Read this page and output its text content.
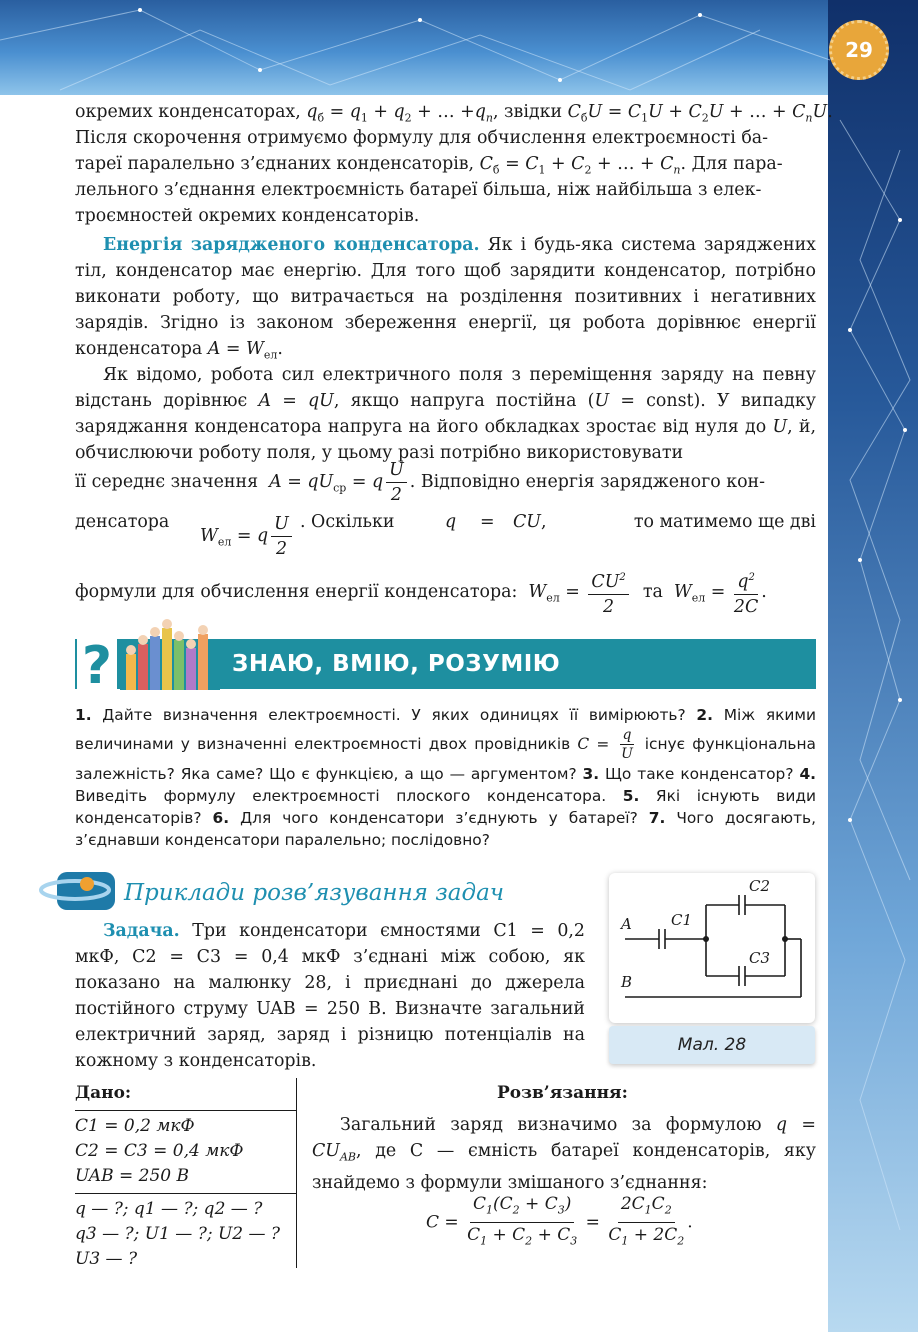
29
окремих конденсаторах, $q_б = q_1 + q_2$ + … $+q_n$, звідки $C_бU = C_1U + C_2U$ + … + $C_nU$
Після скорочення отримуємо формулу для обчислення електроємності ба-
тареї паралельно з’єднаних конденсаторів, $C_б = C_1 + C_2$ + … + $C_n$. Для пара-
лельного з’єднання електроємність батареї більша, ніж найбільша з елек-
троємностей окремих конденсаторів.

Енергія зарядженого конденсатора. Як і будь-яка система заряджених тіл, конденсатор має енергію. Для того щоб зарядити конденсатор, потрібно виконати роботу, що витрачається на розділення позитивних і негативних зарядів. Згідно із законом збереження енергії, ця робота дорівнює енергії конденсатора $A = W_{ел}$.

Як відомо, робота сил електричного поля з переміщення заряду на певну відстань дорівнює A = qU, якщо напруга постійна (U = const). У випадку заряджання конденсатора напруга на його обкладках зростає від нуля до U, й, обчислюючи роботу поля, у цьому разі потрібно використовувати

її середнє значення  $A = qU_{ср} = q \frac{U}{2}$ . Відповідно енергія зарядженого кон-
денсатора
$W_{ел} = q \frac{U}{2}$ . Оскільки	q = CU,	то матимемо ще дві
формули для обчислення енергії конденсатора: $W_{ел} = \frac{CU^2}{2}$ та $W_{ел} = \frac{q^2}{2C}$ .
?	ЗНАЮ, ВМІЮ, РОЗУМІЮ

1. Дайте визначення електроємності. У яких одиницях її вимірюють? 2. Між якими величинами у визначенні електроємності двох провідників $C = \frac{q}{U}$ існує функціональна залежність? Яка саме? Що є функцією, а що — аргументом? 3. Що таке конденсатор? 4. Виведіть формулу електроємності плоского конденсатора. 5. Які існують види конденсаторів? 6. Для чого конденсатори з’єднують у батареї? 7. Чого досягають, з’єднавши конденсатори паралельно; послідовно?

Приклади розв’язування задач

Задача. Три конденсатори ємностями C1 = 0,2 мкФ, C2 = C3 = 0,4 мкФ з’єднані між собою, як показано на малюнку 28, і приєднані до джерела постійного струму UAB = 250 В. Визначте загальний електричний заряд, заряд і різницю потенціалів на кожному з конденсаторів.

A
B
C1
C2
C3
Мал. 28
Дано:	Розв’язання:
C1 = 0,2 мкФ
C2 = C3 = 0,4 мкФ
UAB = 250 В
q — ?; q1 — ?; q2 — ?
q3 — ?; U1 — ?; U2 — ?
U3 — ?

Загальний заряд визначимо за формулою $q = CU_{AB}$, де C — ємність батареї конденсаторів, яку знайдемо з формули змішаного з’єднання:

$C = \frac{C_1(C_2 + C_3)}{C_1 + C_2 + C_3} = \frac{2C_1C_2}{C_1 + 2C_2}$ .
